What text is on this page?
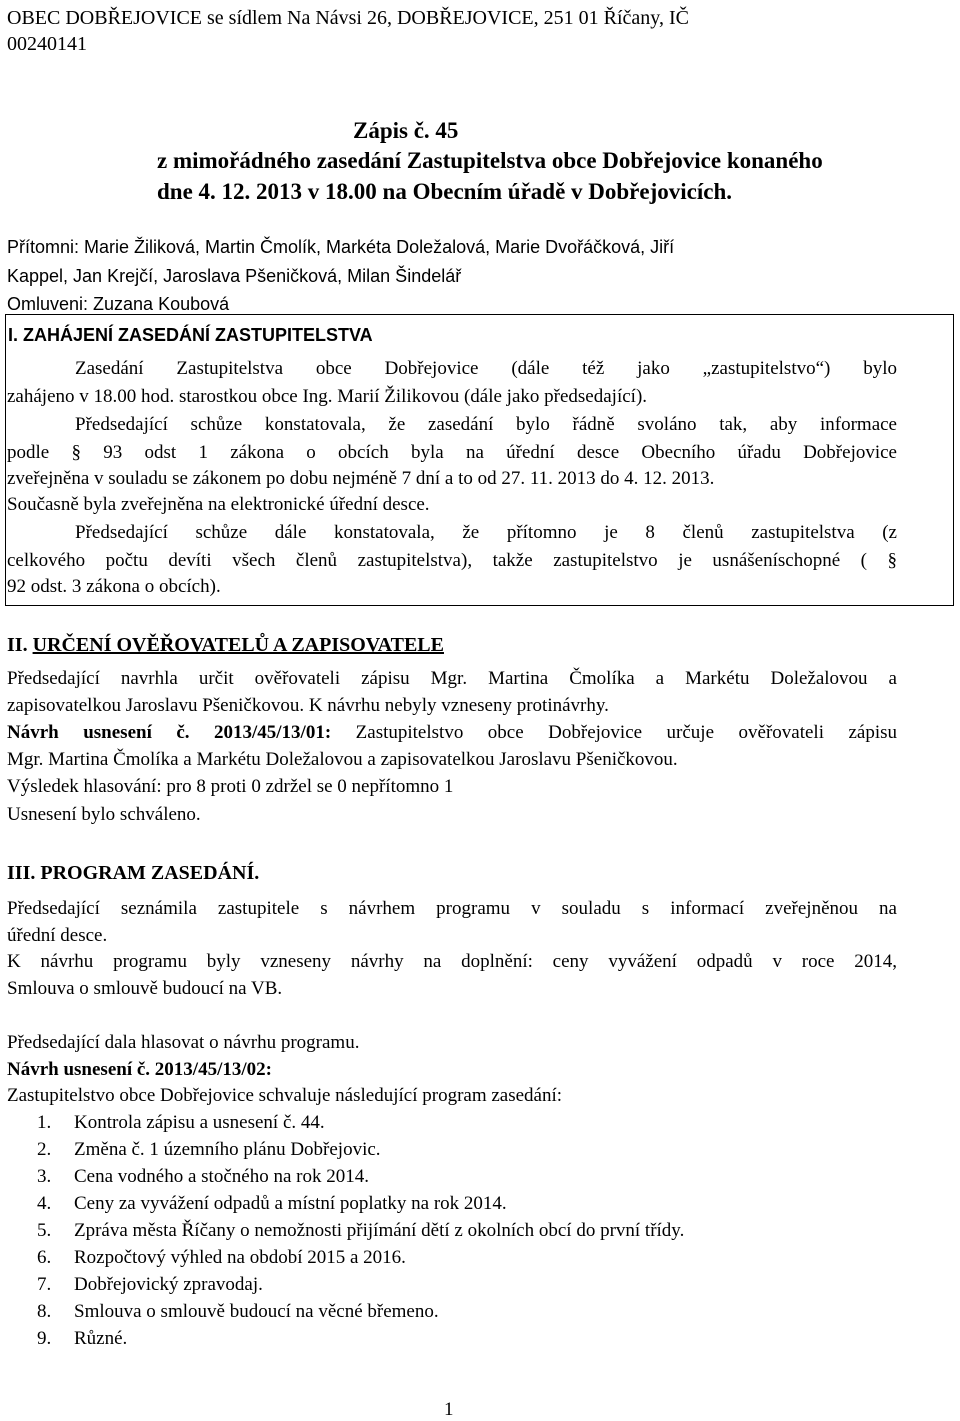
OBEC DOBŘEJOVICE se sídlem Na Návsi 26, DOBŘEJOVICE, 251 01 Říčany, IČ
00240141
Zápis č. 45
z mimořádného zasedání Zastupitelstva obce Dobřejovice konaného
dne 4. 12. 2013 v 18.00 na Obecním úřadě v Dobřejovicích.
Přítomni: Marie Žiliková, Martin Čmolík, Markéta Doležalová, Marie Dvořáčková, Jiří
Kappel, Jan Krejčí, Jaroslava Pšeničková, Milan Šindelář
Omluveni: Zuzana Koubová
I. ZAHÁJENÍ ZASEDÁNÍ ZASTUPITELSTVA
Zasedání Zastupitelstva obce Dobřejovice (dále též jako „zastupitelstvo“) bylo
zahájeno v 18.00 hod. starostkou obce Ing. Marií Žilikovou (dále jako předsedající).
Předsedající schůze konstatovala, že zasedání bylo řádně svoláno tak, aby informace
podle § 93 odst 1 zákona o obcích byla na úřední desce Obecního úřadu Dobřejovice
zveřejněna v souladu se zákonem po dobu nejméně 7 dní a to od 27. 11. 2013 do 4. 12. 2013.
Současně byla zveřejněna na elektronické úřední desce.
Předsedající schůze dále konstatovala, že přítomno je 8 členů zastupitelstva (z
celkového počtu devíti všech členů zastupitelstva), takže zastupitelstvo je usnášeníschopné ( §
92 odst. 3 zákona o obcích).
II. URČENÍ OVĚŘOVATELŮ A ZAPISOVATELE
Předsedající navrhla určit ověřovateli zápisu Mgr. Martina Čmolíka a Markétu Doležalovou a
zapisovatelkou Jaroslavu Pšeničkovou. K návrhu nebyly vzneseny protinávrhy.
Návrh usnesení č. 2013/45/13/01: Zastupitelstvo obce Dobřejovice určuje ověřovateli zápisu
Mgr. Martina Čmolíka a Markétu Doležalovou a zapisovatelkou Jaroslavu Pšeničkovou.
Výsledek hlasování: pro 8 proti 0 zdržel se 0 nepřítomno 1
Usnesení bylo schváleno.
III. PROGRAM ZASEDÁNÍ.
Předsedající seznámila zastupitele s návrhem programu v souladu s informací zveřejněnou na
úřední desce.
K návrhu programu byly vzneseny návrhy na doplnění: ceny vyvážení odpadů v roce 2014,
Smlouva o smlouvě budoucí na VB.
Předsedající dala hlasovat o návrhu programu.
Návrh usnesení č. 2013/45/13/02:
Zastupitelstvo obce Dobřejovice schvaluje následující program zasedání:
1. Kontrola zápisu a usnesení č. 44.
2. Změna č. 1 územního plánu Dobřejovic.
3. Cena vodného a stočného na rok 2014.
4. Ceny za vyvážení odpadů a místní poplatky na rok 2014.
5. Zpráva města Říčany o nemožnosti přijímání dětí z okolních obcí do první třídy.
6. Rozpočtový výhled na období 2015 a 2016.
7. Dobřejovický zpravodaj.
8. Smlouva o smlouvě budoucí na věcné břemeno.
9. Různé.
1
